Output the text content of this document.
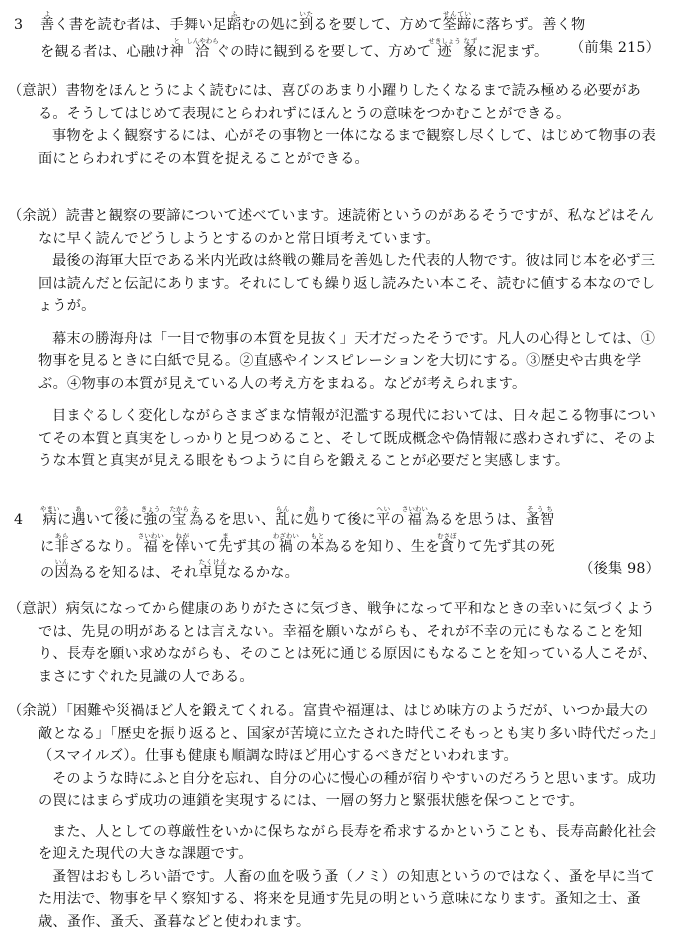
3 善よく書を読む者は、手舞い足蹈ふむの処に到いたるを要して、方めて筌蹄せんていに落ちず。善く物

を観る者は、心融け神と 洽しんやわらぐの時に観到るを要して、方めて迹せきしょう 象なずに泥まず。 （前集 215）

（意訳）書物をほんとうによく読むには、喜びのあまり小躍りしたくなるまで読み極める必要がある。そうしてはじめて表現にとらわれずにほんとうの意味をつかむことができる。

事物をよく観察するには、心がその事物と一体になるまで観察し尽くして、はじめて物事の表面にとらわれずにその本質を捉えることができる。

（余説）読書と観察の要諦について述べています。速読術というのがあるそうですが、私などはそんなに早く読んでどうしようとするのかと常日頃考えています。

最後の海軍大臣である米内光政は終戦の難局を善処した代表的人物です。彼は同じ本を必ず三回は読んだと伝記にあります。それにしても繰り返し読みたい本こそ、読むに値する本なのでしょうが。

幕末の勝海舟は「一目で物事の本質を見抜く」天才だったそうです。凡人の心得としては、①物事を見るときに白紙で見る。②直感やインスピレーションを大切にする。③歴史や古典を学ぶ。④物事の本質が見えている人の考え方をまねる。などが考えられます。

目まぐるしく変化しながらさまざまな情報が氾濫する現代においては、日々起こる物事についてその本質と真実をしっかりと見つめること、そして既成概念や偽情報に惑わされずに、そのような本質と真実が見える眼をもつように自らを鍛えることが必要だと実感します。

4 病やまいに遇あいて後のちに強きょうの宝たから為たるを思い、乱らんに処おりて後に平へいの福さいわい為るを思うは、蚤智そうち

に非あらざるなり。福さいわいを倖ねがいて先まず其の禍わざわいの本もと為るを知り、生を貪むさぼりて先ず其の死

の因いん為るを知るは、それ卓見たくけんなるかな。	（後集 98）

（意訳）病気になってから健康のありがたさに気づき、戦争になって平和なときの幸いに気づくようでは、先見の明があるとは言えない。幸福を願いながらも、それが不幸の元にもなることを知り、長寿を願い求めながらも、そのことは死に通じる原因にもなることを知っている人こそが、まさにすぐれた見識の人である。

（余説）「困難や災禍ほど人を鍛えてくれる。富貴や福運は、はじめ味方のようだが、いつか最大の敵となる」「歴史を振り返ると、国家が苦境に立たされた時代こそもっとも実り多い時代だった」（スマイルズ）。仕事も健康も順調な時ほど用心するべきだといわれます。

そのような時にふと自分を忘れ、自分の心に慢心の種が宿りやすいのだろうと思います。成功の罠にはまらず成功の連鎖を実現するには、一層の努力と緊張状態を保つことです。

また、人としての尊厳性をいかに保ちながら長寿を希求するかということも、長寿高齢化社会を迎えた現代の大きな課題です。

蚤智はおもしろい語です。人畜の血を吸う蚤（ノミ）の知恵というのではなく、蚤を早に当てた用法で、物事を早く察知する、将来を見通す先見の明という意味になります。蚤知之士、蚤歳、蚤作、蚤夭、蚤暮などと使われます。
